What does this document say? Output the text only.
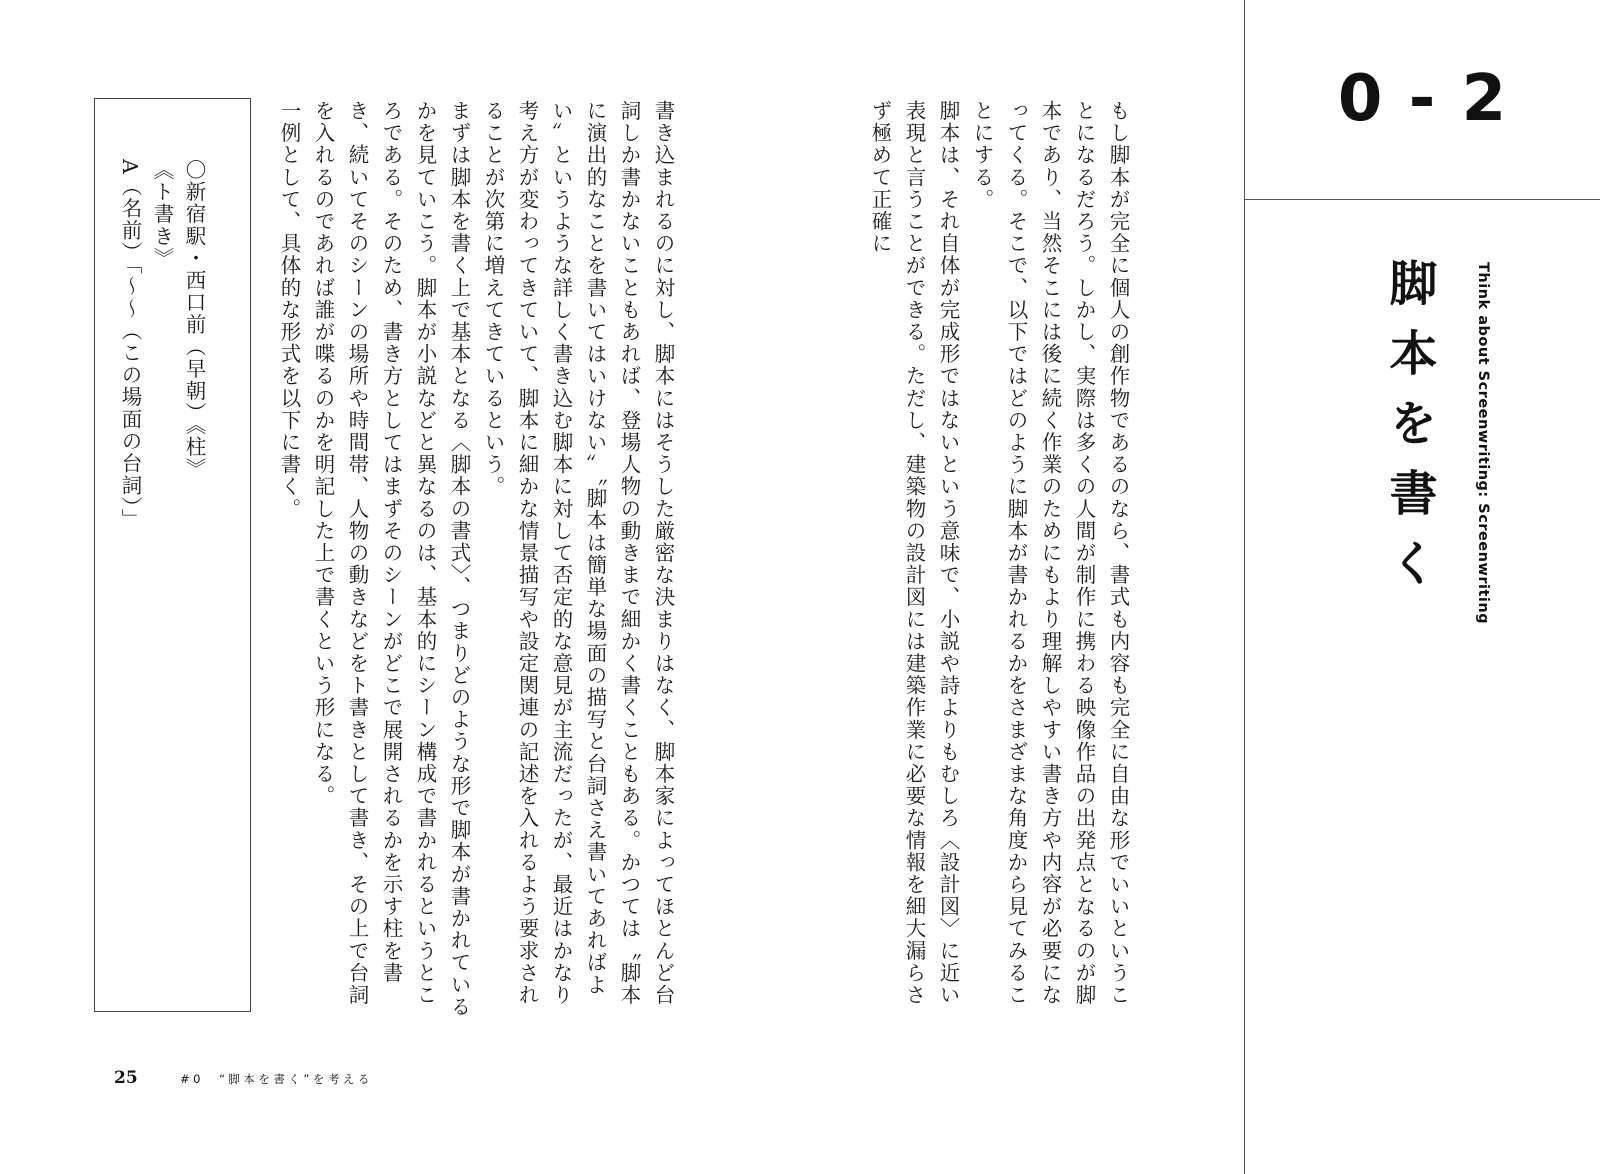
0 - 2
脚本を書く	Think about Screenwriting: Screenwriting

もし脚本が完全に個人の創作物であるのなら、書式も内容も完全に自由な形でいいということになるだろう。しかし、実際は多くの人間が制作に携わる映像作品の出発点となるのが脚本であり、当然そこには後に続く作業のためにもより理解しやすい書き方や内容が必要になってくる。そこで、以下ではどのように脚本が書かれるかをさまざまな角度から見てみることにする。

脚本は、それ自体が完成形ではないという意味で、小説や詩よりもむしろ〈設計図〉に近い表現と言うことができる。ただし、建築物の設計図には建築作業に必要な情報を細大漏らさず極めて正確に

書き込まれるのに対し、脚本にはそうした厳密な決まりはなく、脚本家によってほとんど台詞しか書かないこともあれば、登場人物の動きまで細かく書くこともある。かつては〝脚本に演出的なことを書いてはいけない〟〝脚本は簡単な場面の描写と台詞さえ書いてあればよい〟というような詳しく書き込む脚本に対して否定的な意見が主流だったが、最近はかなり考え方が変わってきていて、脚本に細かな情景描写や設定関連の記述を入れるよう要求されることが次第に増えてきているという。

まずは脚本を書く上で基本となる〈脚本の書式〉、つまりどのような形で脚本が書かれているかを見ていこう。脚本が小説などと異なるのは、基本的にシーン構成で書かれるというところである。そのため、書き方としてはまずそのシーンがどこで展開されるかを示す柱を書き、続いてそのシーンの場所や時間帯、人物の動きなどをト書きとして書き、その上で台詞を入れるのであれば誰が喋るのかを明記した上で書くという形になる。

一例として、具体的な形式を以下に書く。

〇新宿駅・西口前（早朝）《柱》

《ト書き》

A（名前）「〜〜（この場面の台詞）」

25	#0　“脚本を書く”を考える
